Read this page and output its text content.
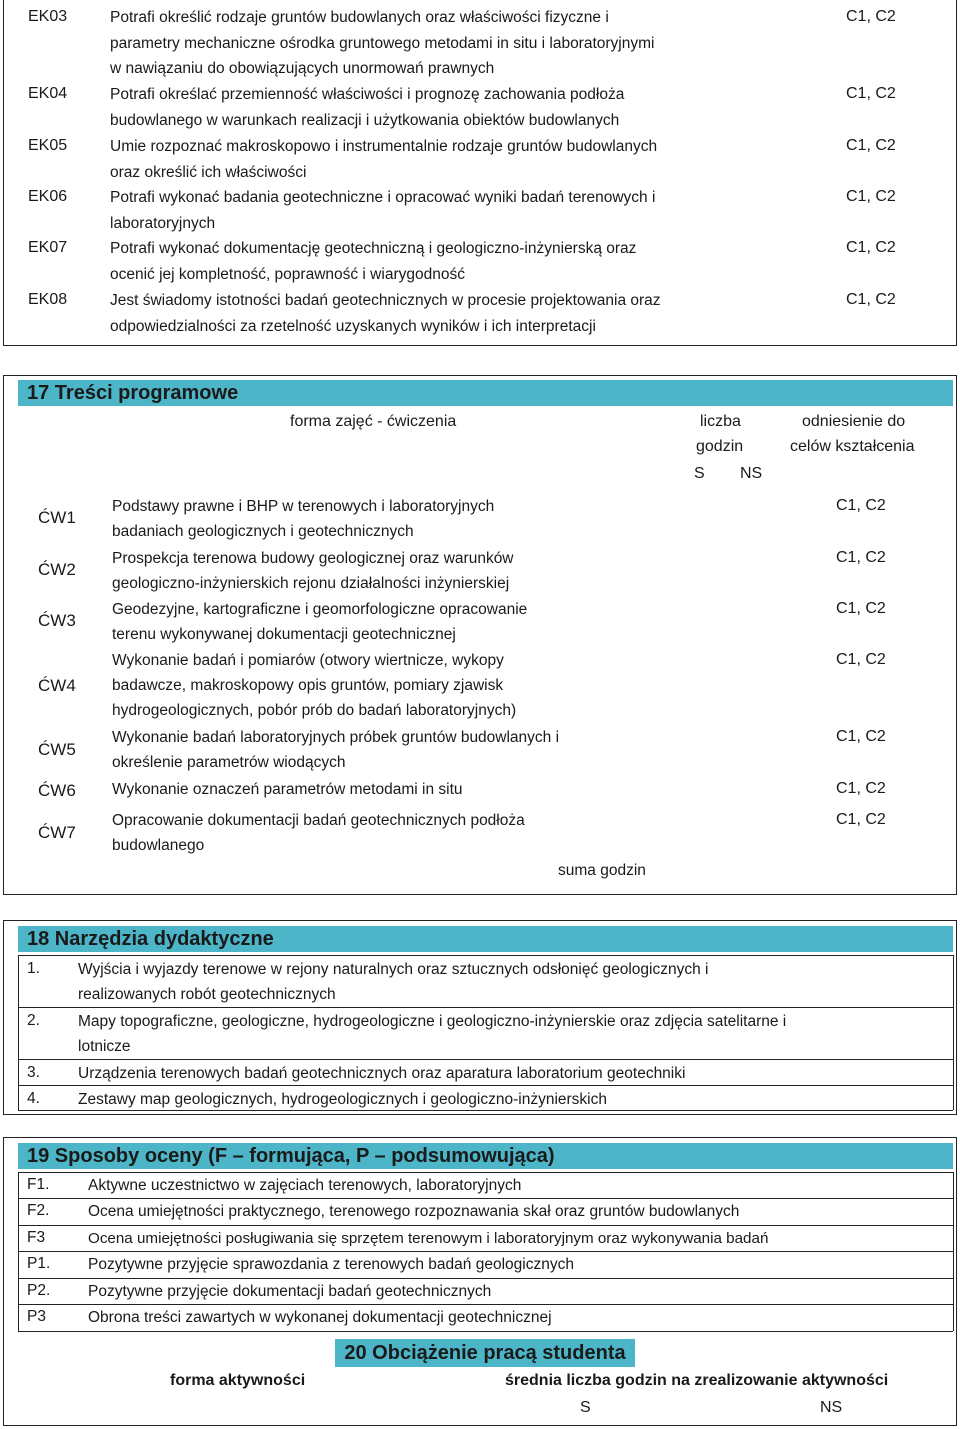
EK03	Potrafi określić rodzaje gruntów budowlanych oraz właściwości fizyczne i
parametry mechaniczne ośrodka gruntowego metodami in situ i laboratoryjnymi
w nawiązaniu do obowiązujących unormowań prawnych
C1, C2
EK04	Potrafi określać przemienność właściwości i prognozę zachowania podłoża
budowlanego w warunkach realizacji i użytkowania obiektów budowlanych
C1, C2
EK05	Umie rozpoznać makroskopowo i instrumentalnie rodzaje gruntów budowlanych
oraz określić ich właściwości
C1, C2
EK06	Potrafi wykonać badania geotechniczne i opracować wyniki badań terenowych i
laboratoryjnych
C1, C2
EK07	Potrafi wykonać dokumentację geotechniczną i geologiczno-inżynierską oraz
ocenić jej kompletność, poprawność i wiarygodność
C1, C2
EK08	Jest świadomy istotności badań geotechnicznych w procesie projektowania oraz
odpowiedzialności za rzetelność uzyskanych wyników i ich interpretacji
C1, C2
17 Treści programowe
forma zajęć - ćwiczenia	liczba
godzin
S NS
odniesienie do
celów kształcenia
ĆW1
Podstawy prawne i BHP w terenowych i laboratoryjnych
badaniach geologicznych i geotechnicznych
C1, C2
ĆW2
Prospekcja terenowa budowy geologicznej oraz warunków
geologiczno-inżynierskich rejonu działalności inżynierskiej
C1, C2
ĆW3
Geodezyjne, kartograficzne i geomorfologiczne opracowanie
terenu wykonywanej dokumentacji geotechnicznej
C1, C2
ĆW4
Wykonanie badań i pomiarów (otwory wiertnicze, wykopy
badawcze, makroskopowy opis gruntów, pomiary zjawisk
hydrogeologicznych, pobór prób do badań laboratoryjnych)
C1, C2
ĆW5
Wykonanie badań laboratoryjnych próbek gruntów budowlanych i
określenie parametrów wiodących
C1, C2
ĆW6 Wykonanie oznaczeń parametrów metodami in situ	C1, C2
ĆW7
Opracowanie dokumentacji badań geotechnicznych podłoża
budowlanego
C1, C2
suma godzin
18 Narzędzia dydaktyczne
1. Wyjścia i wyjazdy terenowe w rejony naturalnych oraz sztucznych odsłonięć geologicznych i
realizowanych robót geotechnicznych
2. Mapy topograficzne, geologiczne, hydrogeologiczne i geologiczno-inżynierskie oraz zdjęcia satelitarne i
lotnicze
3. Urządzenia terenowych badań geotechnicznych oraz aparatura laboratorium geotechniki
4. Zestawy map geologicznych, hydrogeologicznych i geologiczno-inżynierskich
19 Sposoby oceny (F – formująca, P – podsumowująca)
F1. Aktywne uczestnictwo w zajęciach terenowych, laboratoryjnych
F2. Ocena umiejętności praktycznego, terenowego rozpoznawania skał oraz gruntów budowlanych
F3	Ocena umiejętności posługiwania się sprzętem terenowym i laboratoryjnym oraz wykonywania badań
P1. Pozytywne przyjęcie sprawozdania z terenowych badań geologicznych
P2. Pozytywne przyjęcie dokumentacji badań geotechnicznych
P3	Obrona treści zawartych w wykonanej dokumentacji geotechnicznej
20 Obciążenie pracą studenta
forma aktywności	średnia liczba godzin na zrealizowanie aktywności
S	NS
